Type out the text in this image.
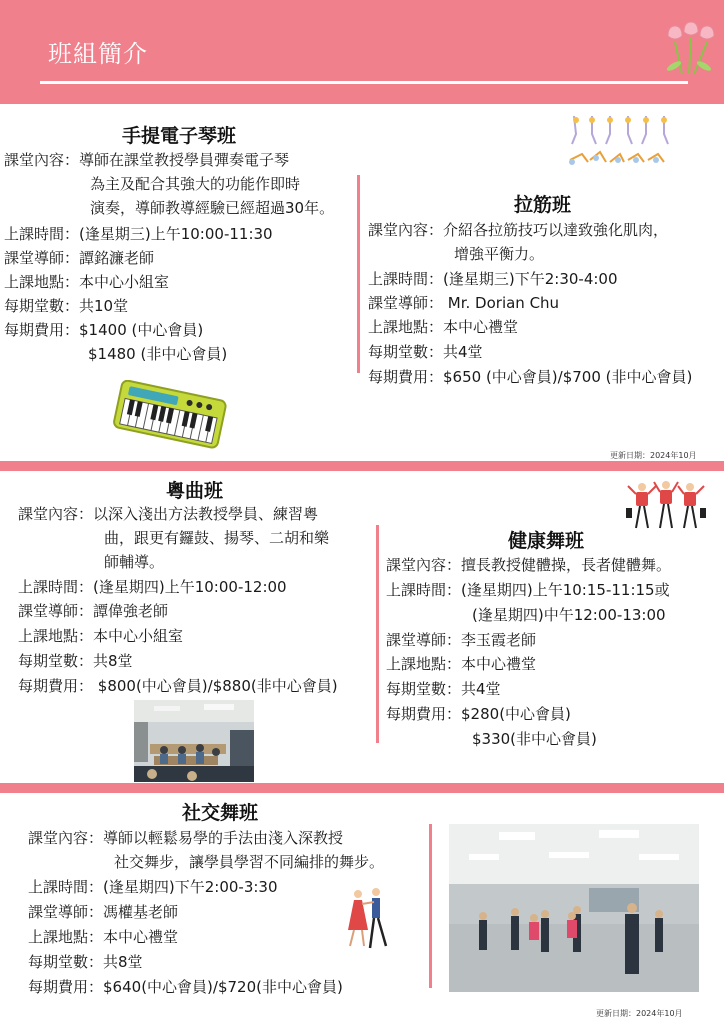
班組簡介
手提電子琴班
課堂內容：導師在課堂教授學員彈奏電子琴
為主及配合其強大的功能作即時
演奏，導師教導經驗已經超過30年。
上課時間：(逢星期三)上午10:00-11:30
課堂導師：譚銘濂老師
上課地點：本中心小組室
每期堂數：共10堂
每期費用：$1400 (中心會員)
$1480 (非中心會員)
拉筋班
課堂內容：介紹各拉筋技巧以達致強化肌肉，
增強平衡力。
上課時間：(逢星期三)下午2:30-4:00
課堂導師： Mr. Dorian Chu
上課地點：本中心禮堂
每期堂數：共4堂
每期費用：$650 (中心會員)/$700 (非中心會員)
更新日期：2024年10月
粵曲班
課堂內容：以深入淺出方法教授學員、練習粵
曲，跟更有鑼鼓、揚琴、二胡和樂
師輔導。
上課時間：(逢星期四)上午10:00-12:00
課堂導師：譚偉強老師
上課地點：本中心小組室
每期堂數：共8堂
每期費用： $800(中心會員)/$880(非中心會員)
健康舞班
課堂內容：擅長教授健體操，長者健體舞。
上課時間：(逢星期四)上午10:15-11:15或
(逢星期四)中午12:00-13:00
課堂導師：李玉霞老師
上課地點：本中心禮堂
每期堂數：共4堂
每期費用：$280(中心會員)
$330(非中心會員)
社交舞班
課堂內容：導師以輕鬆易學的手法由淺入深教授
社交舞步，讓學員學習不同編排的舞步。
上課時間：(逢星期四)下午2:00-3:30
課堂導師：馮權基老師
上課地點：本中心禮堂
每期堂數：共8堂
每期費用：$640(中心會員)/$720(非中心會員)
更新日期：2024年10月
